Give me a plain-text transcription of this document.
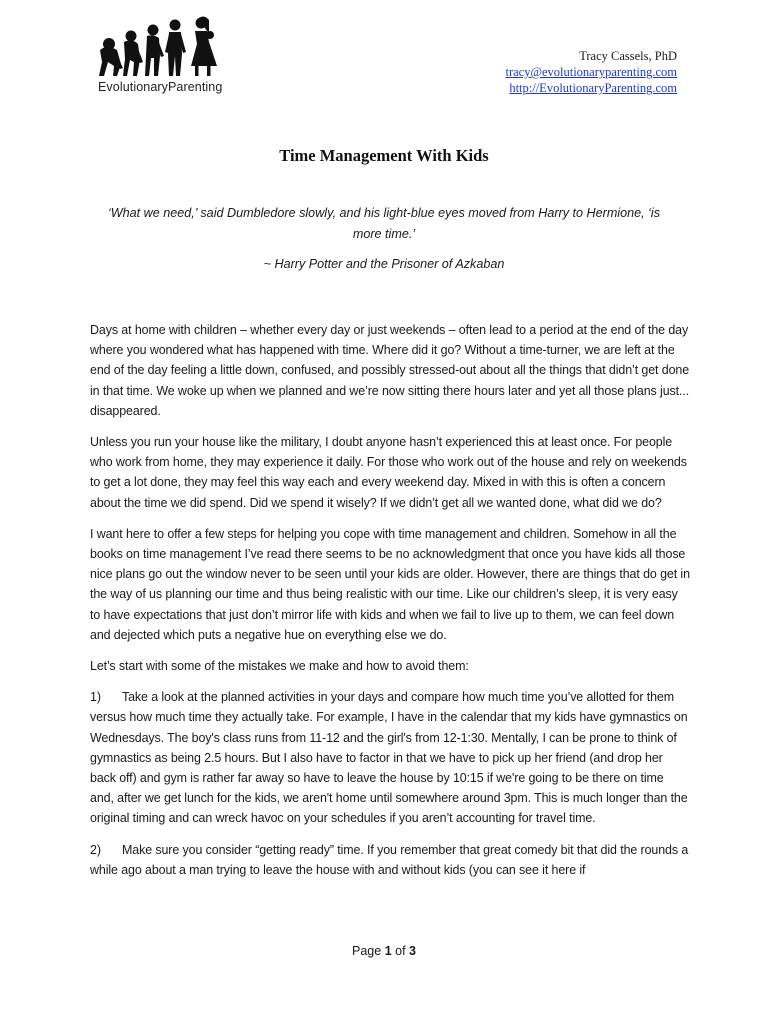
EvolutionaryParenting
Tracy Cassels, PhD
tracy@evolutionaryparenting.com
http://EvolutionaryParenting.com
Time Management With Kids
‘What we need,’ said Dumbledore slowly, and his light-blue eyes moved from Harry to Hermione, ‘is more time.’
~ Harry Potter and the Prisoner of Azkaban

Days at home with children – whether every day or just weekends – often lead to a period at the end of the day where you wondered what has happened with time. Where did it go? Without a time-turner, we are left at the end of the day feeling a little down, confused, and possibly stressed-out about all the things that didn’t get done in that time. We woke up when we planned and we’re now sitting there hours later and yet all those plans just... disappeared.

Unless you run your house like the military, I doubt anyone hasn’t experienced this at least once. For people who work from home, they may experience it daily. For those who work out of the house and rely on weekends to get a lot done, they may feel this way each and every weekend day. Mixed in with this is often a concern about the time we did spend. Did we spend it wisely? If we didn’t get all we wanted done, what did we do?

I want here to offer a few steps for helping you cope with time management and children. Somehow in all the books on time management I’ve read there seems to be no acknowledgment that once you have kids all those nice plans go out the window never to be seen until your kids are older. However, there are things that do get in the way of us planning our time and thus being realistic with our time. Like our children’s sleep, it is very easy to have expectations that just don’t mirror life with kids and when we fail to live up to them, we can feel down and dejected which puts a negative hue on everything else we do.

Let’s start with some of the mistakes we make and how to avoid them:

1) Take a look at the planned activities in your days and compare how much time you’ve allotted for them versus how much time they actually take. For example, I have in the calendar that my kids have gymnastics on Wednesdays. The boy's class runs from 11-12 and the girl's from 12-1:30. Mentally, I can be prone to think of gymnastics as being 2.5 hours. But I also have to factor in that we have to pick up her friend (and drop her back off) and gym is rather far away so have to leave the house by 10:15 if we're going to be there on time and, after we get lunch for the kids, we aren't home until somewhere around 3pm. This is much longer than the original timing and can wreck havoc on your schedules if you aren’t accounting for travel time.

2) Make sure you consider “getting ready” time. If you remember that great comedy bit that did the rounds a while ago about a man trying to leave the house with and without kids (you can see it here if

Page 1 of 3
